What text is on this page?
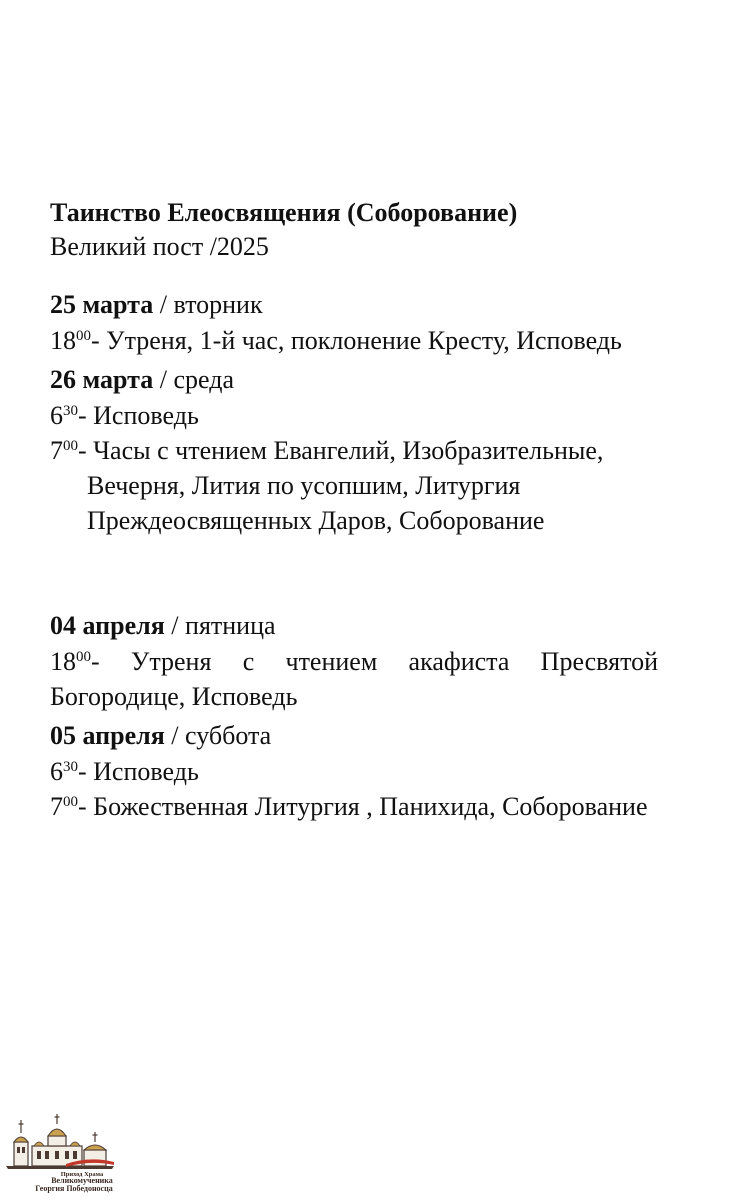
Таинство Елеосвящения (Соборование)

Великий пост /2025

25 марта / вторник

$18^{00}-$ Утреня, 1-й час, поклонение Кресту, Исповедь

26 марта / среда

$6^{30}-$ Исповедь

$7^{00}-$ Часы с чтением Евангелий, Изобразительные, Вечерня, Лития по усопшим, Литургия Преждеосвященных Даров, Соборование

04 апреля / пятница

$18^{00}-$ Утреня с чтением акафиста Пресвятой Богородице, Исповедь

05 апреля / суббота

$6^{30}-$ Исповедь

$7^{00}-$ Божественная Литургия , Панихида, Соборование

Приход Храма
Великомученика
Георгия Победоносца
